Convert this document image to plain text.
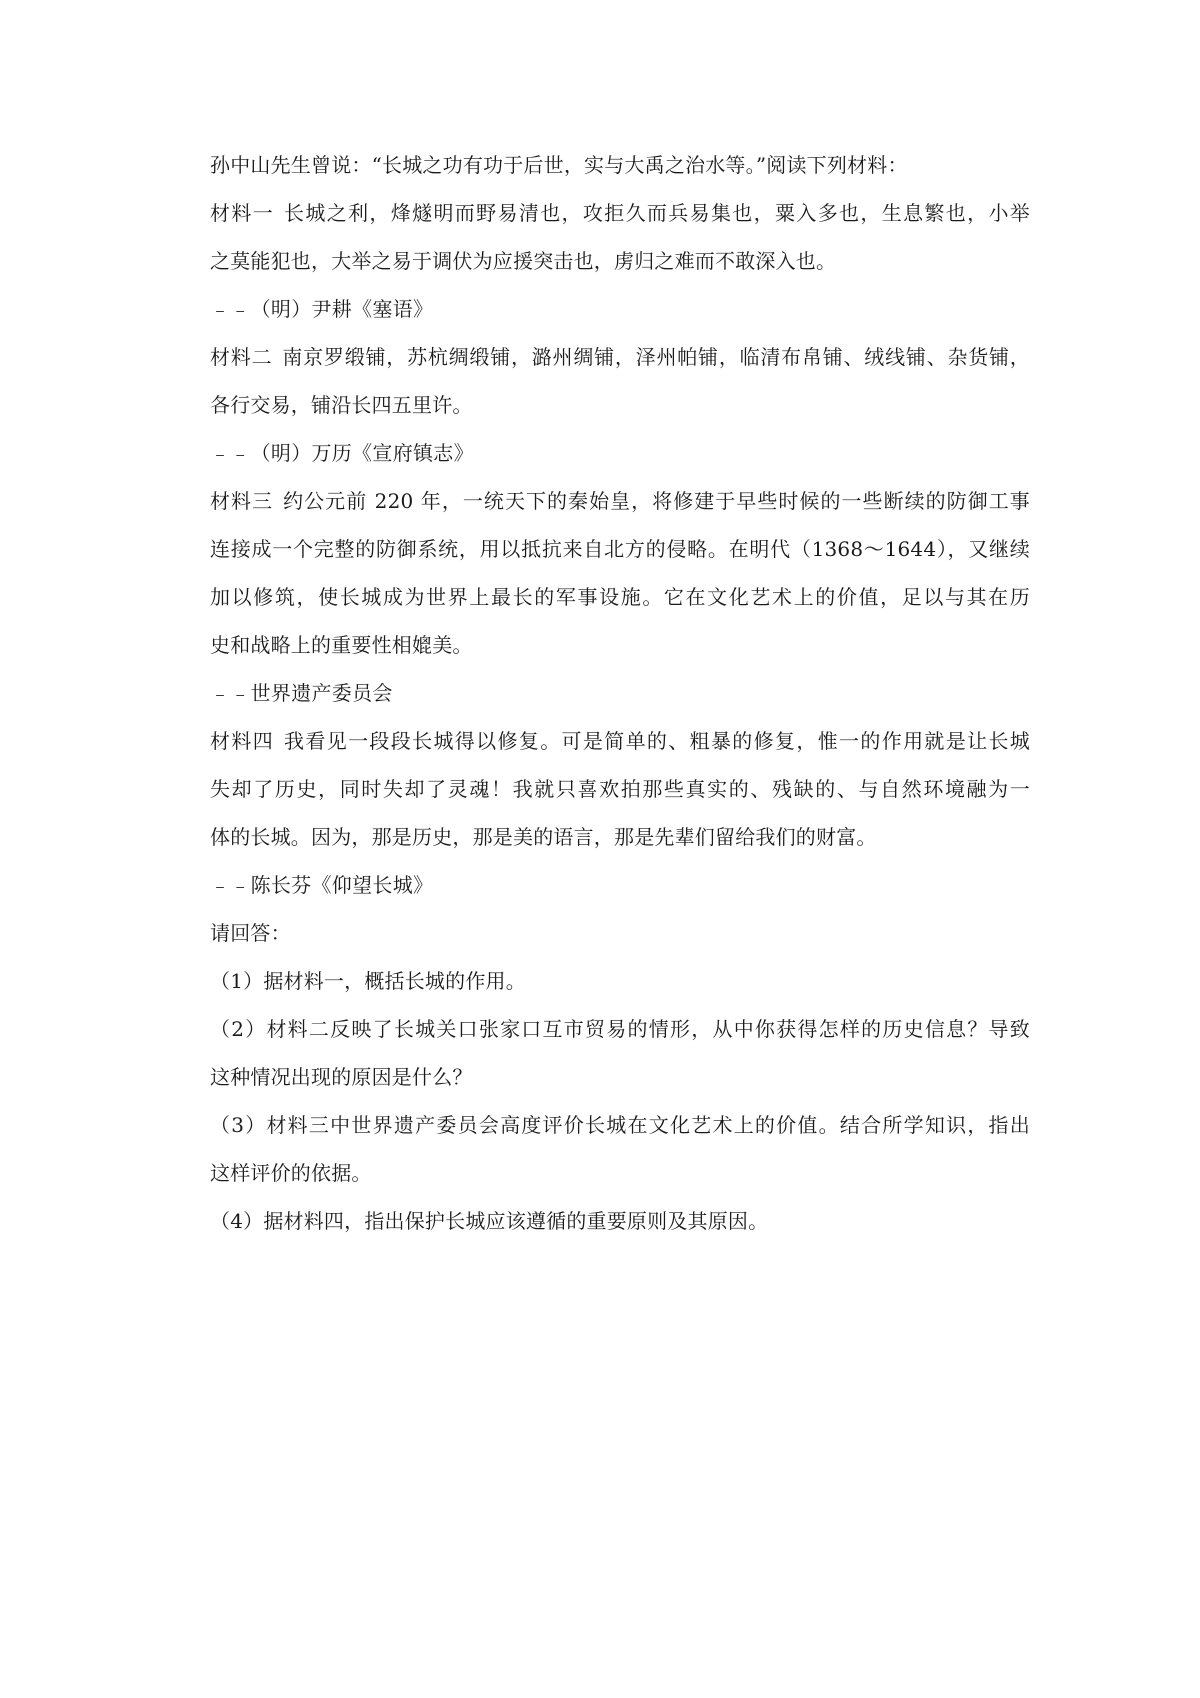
孙中山先生曾说：“长城之功有功于后世，实与大禹之治水等。”阅读下列材料：

材料一 长城之利，烽燧明而野易清也，攻拒久而兵易集也，粟入多也，生息繁也，小举

之莫能犯也，大举之易于调伏为应援突击也，虏归之难而不敢深入也。

﹣﹣（明）尹耕《塞语》

材料二 南京罗缎铺，苏杭绸缎铺，潞州绸铺，泽州帕铺，临清布帛铺、绒线铺、杂货铺，

各行交易，铺沿长四五里许。

﹣﹣（明）万历《宣府镇志》

材料三 约公元前 220 年，一统天下的秦始皇，将修建于早些时候的一些断续的防御工事

连接成一个完整的防御系统，用以抵抗来自北方的侵略。在明代（1368～1644），又继续

加以修筑，使长城成为世界上最长的军事设施。它在文化艺术上的价值，足以与其在历

史和战略上的重要性相媲美。

﹣﹣世界遗产委员会

材料四 我看见一段段长城得以修复。可是简单的、粗暴的修复，惟一的作用就是让长城

失却了历史，同时失却了灵魂！我就只喜欢拍那些真实的、残缺的、与自然环境融为一

体的长城。因为，那是历史，那是美的语言，那是先辈们留给我们的财富。

﹣﹣陈长芬《仰望长城》

请回答：

（1）据材料一，概括长城的作用。

（2）材料二反映了长城关口张家口互市贸易的情形，从中你获得怎样的历史信息？导致

这种情况出现的原因是什么？

（3）材料三中世界遗产委员会高度评价长城在文化艺术上的价值。结合所学知识，指出

这样评价的依据。

（4）据材料四，指出保护长城应该遵循的重要原则及其原因。
